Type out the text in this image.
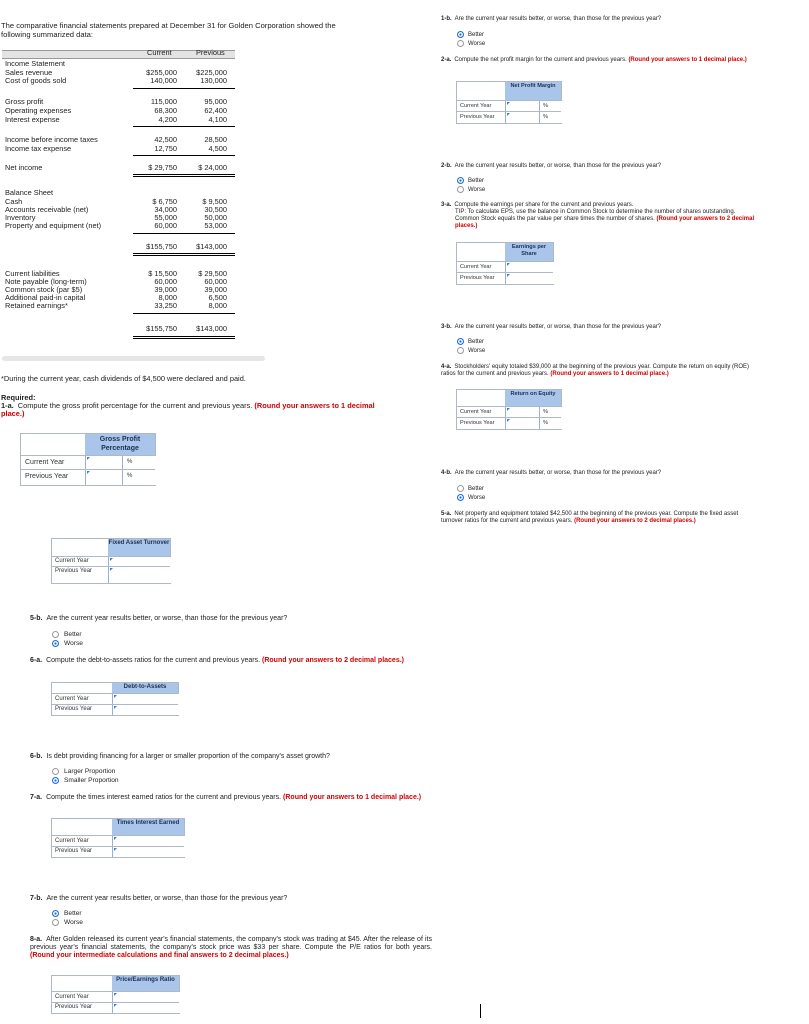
The comparative financial statements prepared at December 31 for Golden Corporation showed the
following summarized data:
Current	Previous
Income Statement
Sales revenue	$255,000	$225,000
Cost of goods sold	140,000	130,000
Gross profit	115,000	95,000
Operating expenses	68,300	62,400
Interest expense	4,200	4,100
Income before income taxes	42,500	28,500
Income tax expense	12,750	4,500
Net income	$ 29,750	$ 24,000
Balance Sheet
Cash	$ 6,750	$ 9,500
Accounts receivable (net)	34,000	30,500
Inventory	55,000	50,000
Property and equipment (net)	60,000	53,000
$155,750	$143,000
Current liabilities	$ 15,500	$ 29,500
Note payable (long-term)	60,000	60,000
Common stock (par $5)	39,000	39,000
Additional paid-in capital	8,000	6,500
Retained earnings*	33,250	8,000
$155,750	$143,000
*During the current year, cash dividends of $4,500 were declared and paid.
Required:
1-a. Compute the gross profit percentage for the current and previous years. (Round your answers to 1 decimal place.)
Gross Profit Percentage
Current Year	%
Previous Year	%
Fixed Asset Turnover
Current Year
Previous Year
5-b. Are the current year results better, or worse, than those for the previous year?
Better
Worse
6-a. Compute the debt-to-assets ratios for the current and previous years. (Round your answers to 2 decimal places.)
Debt-to-Assets
Current Year
Previous Year
6-b. Is debt providing financing for a larger or smaller proportion of the company's asset growth?
Larger Proportion
Smaller Proportion
7-a. Compute the times interest earned ratios for the current and previous years. (Round your answers to 1 decimal place.)
Times Interest Earned
Current Year
Previous Year
7-b. Are the current year results better, or worse, than those for the previous year?
Better
Worse
8-a. After Golden released its current year's financial statements, the company's stock was trading at $45. After the release of its previous year's financial statements, the company's stock price was $33 per share. Compute the P/E ratios for both years. (Round your intermediate calculations and final answers to 2 decimal places.)
Price/Earnings Ratio
Current Year
Previous Year
1-b. Are the current year results better, or worse, than those for the previous year?
Better
Worse
2-a. Compute the net profit margin for the current and previous years. (Round your answers to 1 decimal place.)
Net Profit Margin
Current Year	%
Previous Year	%
2-b. Are the current year results better, or worse, than those for the previous year?
Better
Worse
3-a. Compute the earnings per share for the current and previous years.
TIP: To calculate EPS, use the balance in Common Stock to determine the number of shares outstanding. Common Stock equals the par value per share times the number of shares. (Round your answers to 2 decimal places.)
Earnings per Share
Current Year
Previous Year
3-b. Are the current year results better, or worse, than those for the previous year?
Better
Worse
4-a. Stockholders' equity totaled $39,000 at the beginning of the previous year. Compute the return on equity (ROE) ratios for the current and previous years. (Round your answers to 1 decimal place.)
Return on Equity
Current Year	%
Previous Year	%
4-b. Are the current year results better, or worse, than those for the previous year?
Better
Worse
5-a. Net property and equipment totaled $42,500 at the beginning of the previous year. Compute the fixed asset turnover ratios for the current and previous years. (Round your answers to 2 decimal places.)
